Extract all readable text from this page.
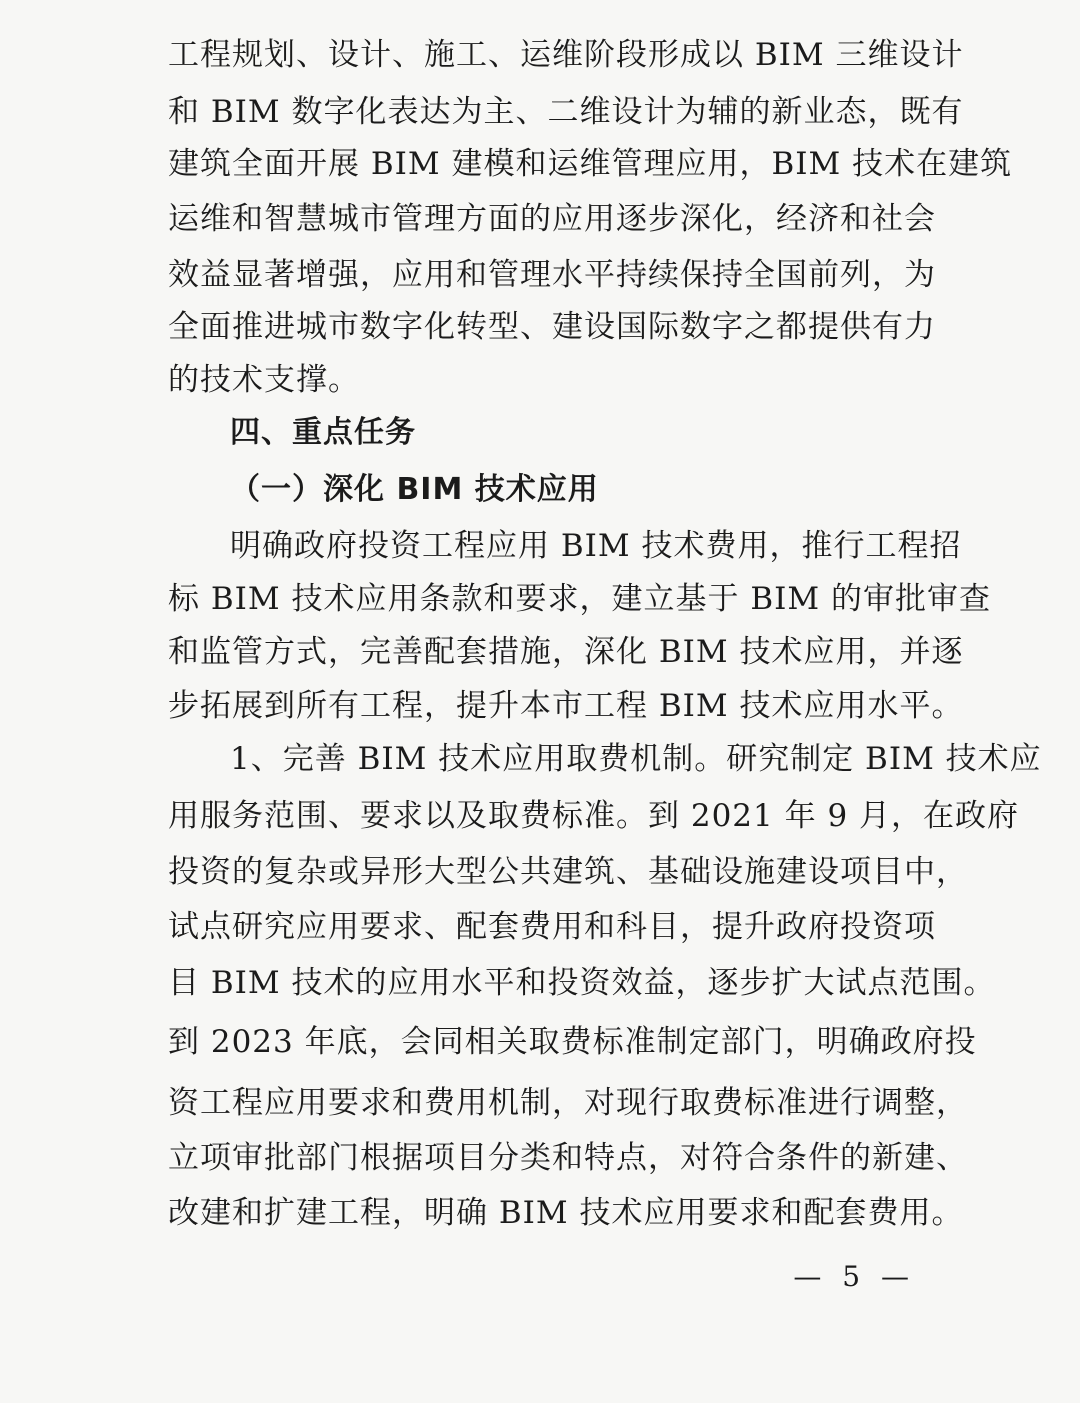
工程规划、设计、施工、运维阶段形成以 BIM 三维设计
和 BIM 数字化表达为主、二维设计为辅的新业态，既有
建筑全面开展 BIM 建模和运维管理应用，BIM 技术在建筑
运维和智慧城市管理方面的应用逐步深化，经济和社会
效益显著增强，应用和管理水平持续保持全国前列，为
全面推进城市数字化转型、建设国际数字之都提供有力
的技术支撑。
四、重点任务
（一）深化 BIM 技术应用
明确政府投资工程应用 BIM 技术费用，推行工程招
标 BIM 技术应用条款和要求，建立基于 BIM 的审批审查
和监管方式，完善配套措施，深化 BIM 技术应用，并逐
步拓展到所有工程，提升本市工程 BIM 技术应用水平。
1、完善 BIM 技术应用取费机制。研究制定 BIM 技术应
用服务范围、要求以及取费标准。到 2021 年 9 月，在政府
投资的复杂或异形大型公共建筑、基础设施建设项目中，
试点研究应用要求、配套费用和科目，提升政府投资项
目 BIM 技术的应用水平和投资效益，逐步扩大试点范围。
到 2023 年底，会同相关取费标准制定部门，明确政府投
资工程应用要求和费用机制，对现行取费标准进行调整，
立项审批部门根据项目分类和特点，对符合条件的新建、
改建和扩建工程，明确 BIM 技术应用要求和配套费用。
— 5 —
